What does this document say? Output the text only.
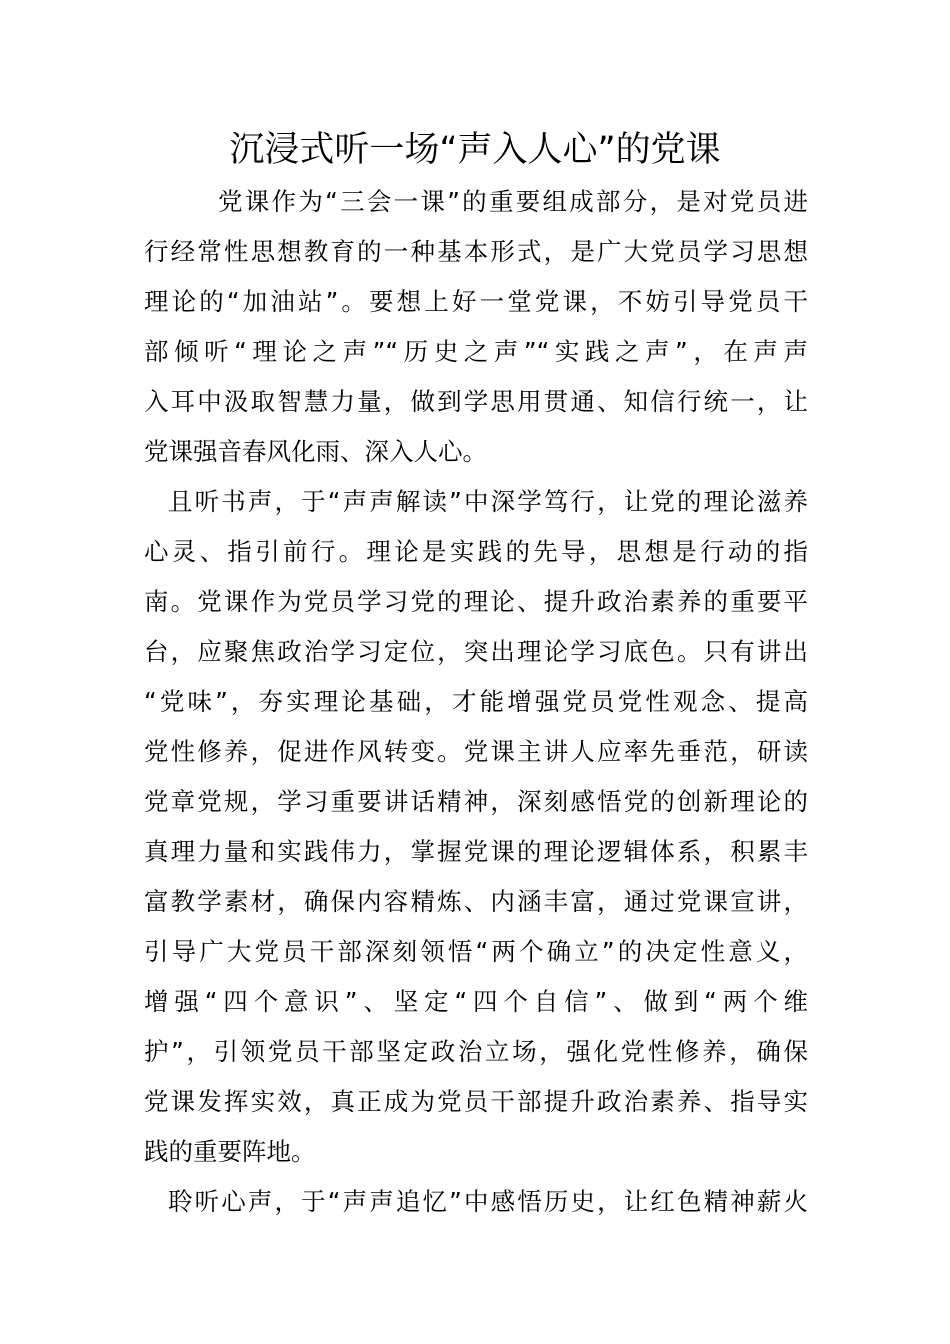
沉浸式听一场“声入人心”的党课
党课作为“三会一课”的重要组成部分，是对党员进
行经常性思想教育的一种基本形式，是广大党员学习思想
理论的“加油站”。要想上好一堂党课，不妨引导党员干
部倾听“理论之声”“历史之声”“实践之声”，在声声
入耳中汲取智慧力量，做到学思用贯通、知信行统一，让
党课强音春风化雨、深入人心。
且听书声，于“声声解读”中深学笃行，让党的理论滋养
心灵、指引前行。理论是实践的先导，思想是行动的指
南。党课作为党员学习党的理论、提升政治素养的重要平
台，应聚焦政治学习定位，突出理论学习底色。只有讲出
“党味”，夯实理论基础，才能增强党员党性观念、提高
党性修养，促进作风转变。党课主讲人应率先垂范，研读
党章党规，学习重要讲话精神，深刻感悟党的创新理论的
真理力量和实践伟力，掌握党课的理论逻辑体系，积累丰
富教学素材，确保内容精炼、内涵丰富，通过党课宣讲，
引导广大党员干部深刻领悟“两个确立”的决定性意义，
增强“四个意识”、坚定“四个自信”、做到“两个维
护”，引领党员干部坚定政治立场，强化党性修养，确保
党课发挥实效，真正成为党员干部提升政治素养、指导实
践的重要阵地。
聆听心声，于“声声追忆”中感悟历史，让红色精神薪火
